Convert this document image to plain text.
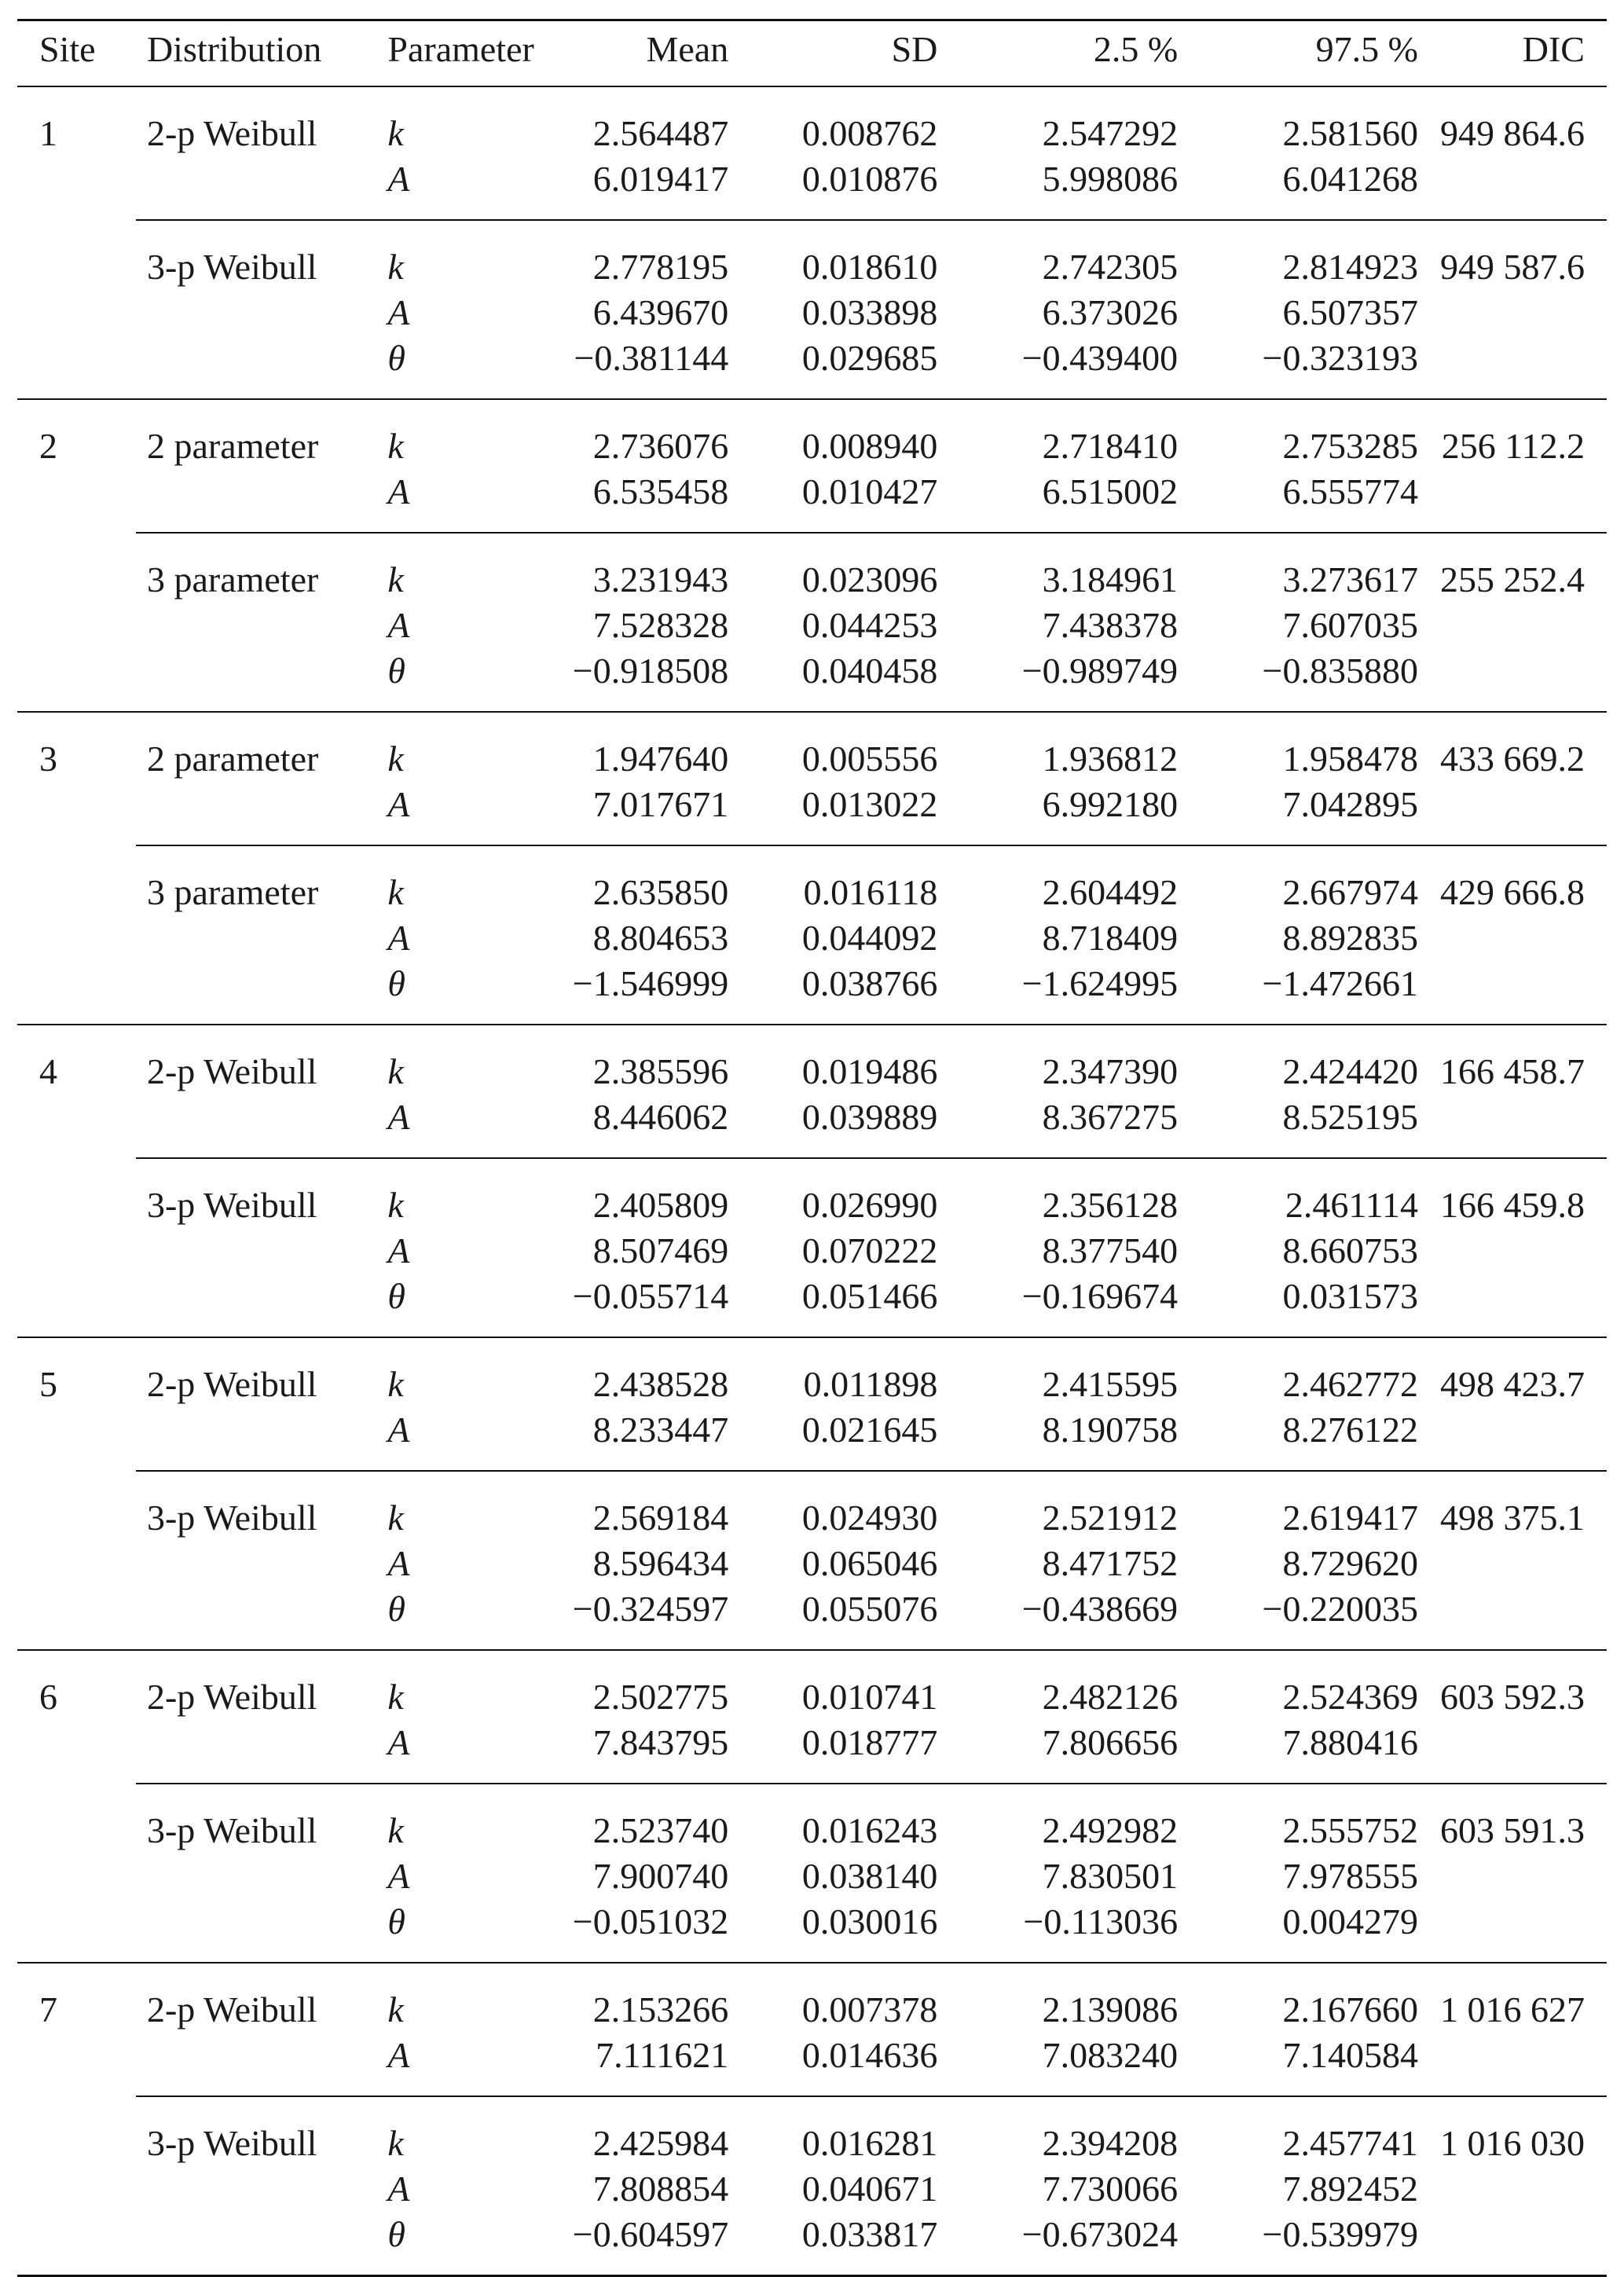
Site	Distribution	Parameter	Mean	SD	2.5 %	97.5 %	DIC
1	2-p Weibull	k	2.564487	0.008762	2.547292	2.581560	949 864.6
		A	6.019417	0.010876	5.998086	6.041268	
	3-p Weibull	k	2.778195	0.018610	2.742305	2.814923	949 587.6
		A	6.439670	0.033898	6.373026	6.507357	
		θ	−0.381144	0.029685	−0.439400	−0.323193	
2	2 parameter	k	2.736076	0.008940	2.718410	2.753285	256 112.2
		A	6.535458	0.010427	6.515002	6.555774	
	3 parameter	k	3.231943	0.023096	3.184961	3.273617	255 252.4
		A	7.528328	0.044253	7.438378	7.607035	
		θ	−0.918508	0.040458	−0.989749	−0.835880	
3	2 parameter	k	1.947640	0.005556	1.936812	1.958478	433 669.2
		A	7.017671	0.013022	6.992180	7.042895	
	3 parameter	k	2.635850	0.016118	2.604492	2.667974	429 666.8
		A	8.804653	0.044092	8.718409	8.892835	
		θ	−1.546999	0.038766	−1.624995	−1.472661	
4	2-p Weibull	k	2.385596	0.019486	2.347390	2.424420	166 458.7
		A	8.446062	0.039889	8.367275	8.525195	
	3-p Weibull	k	2.405809	0.026990	2.356128	2.461114	166 459.8
		A	8.507469	0.070222	8.377540	8.660753	
		θ	−0.055714	0.051466	−0.169674	0.031573	
5	2-p Weibull	k	2.438528	0.011898	2.415595	2.462772	498 423.7
		A	8.233447	0.021645	8.190758	8.276122	
	3-p Weibull	k	2.569184	0.024930	2.521912	2.619417	498 375.1
		A	8.596434	0.065046	8.471752	8.729620	
		θ	−0.324597	0.055076	−0.438669	−0.220035	
6	2-p Weibull	k	2.502775	0.010741	2.482126	2.524369	603 592.3
		A	7.843795	0.018777	7.806656	7.880416	
	3-p Weibull	k	2.523740	0.016243	2.492982	2.555752	603 591.3
		A	7.900740	0.038140	7.830501	7.978555	
		θ	−0.051032	0.030016	−0.113036	0.004279	
7	2-p Weibull	k	2.153266	0.007378	2.139086	2.167660	1 016 627
		A	7.111621	0.014636	7.083240	7.140584	
	3-p Weibull	k	2.425984	0.016281	2.394208	2.457741	1 016 030
		A	7.808854	0.040671	7.730066	7.892452	
		θ	−0.604597	0.033817	−0.673024	−0.539979	
